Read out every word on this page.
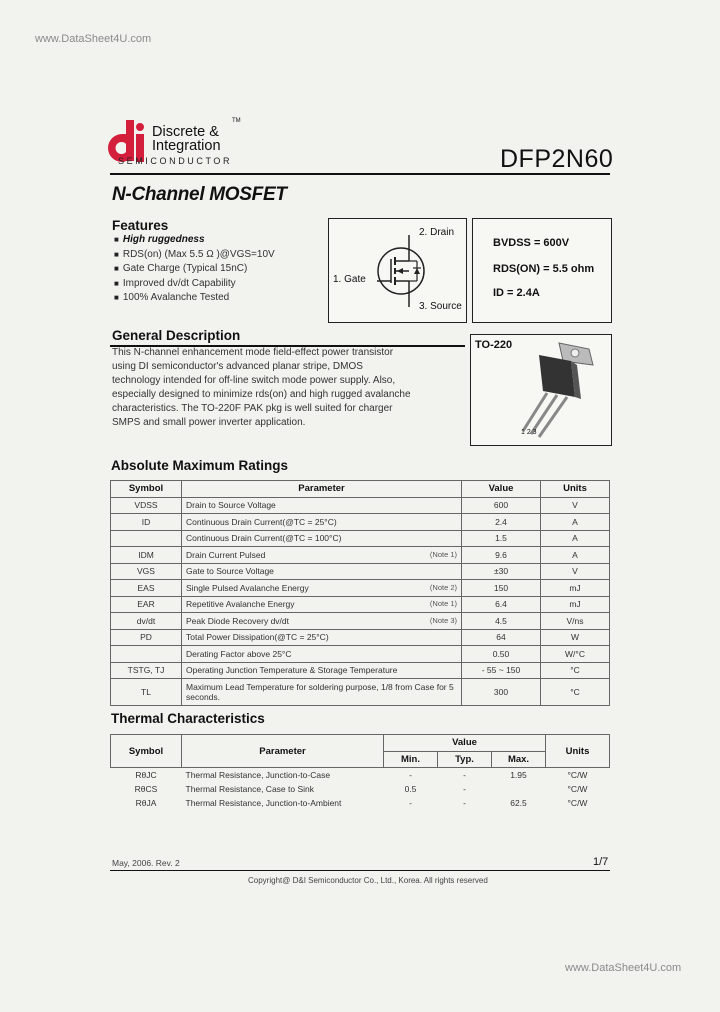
www.DataSheet4U.com
Discrete &
TM
Integration
SEMICONDUCTOR	DFP2N60
N-Channel MOSFET
Features
■ High ruggedness
■ RDS(on) (Max 5.5 Ω )@VGS=10V
■ Gate Charge (Typical 15nC)
■ Improved dv/dt Capability
■ 100% Avalanche Tested
2. Drain
1. Gate
3. Source
BVDSS = 600V
RDS(ON) = 5.5 ohm
ID = 2.4A
General Description
This N-channel enhancement mode field-effect power transistor using DI semiconductor's advanced planar stripe, DMOS technology intended for off-line switch mode power supply. Also, especially designed to minimize rds(on) and high rugged avalanche characteristics. The TO-220F PAK pkg is well suited for charger SMPS and small power inverter application.
TO-220
1 2 3
Absolute Maximum Ratings
Symbol	Parameter	Value	Units
VDSS	Drain to Source Voltage	600	V
ID	Continuous Drain Current(@TC = 25°C)	2.4	A
	Continuous Drain Current(@TC = 100°C)	1.5	A
IDM	Drain Current Pulsed (Note 1)	9.6	A
VGS	Gate to Source Voltage	±30	V
EAS	Single Pulsed Avalanche Energy (Note 2)	150	mJ
EAR	Repetitive Avalanche Energy (Note 1)	6.4	mJ
dv/dt	Peak Diode Recovery dv/dt (Note 3)	4.5	V/ns
PD	Total Power Dissipation(@TC = 25°C)	64	W
	Derating Factor above 25°C	0.50	W/°C
TSTG, TJ	Operating Junction Temperature & Storage Temperature	- 55 ~ 150	°C
TL	Maximum Lead Temperature for soldering purpose, 1/8 from Case for 5 seconds.	300	°C
Thermal Characteristics
Symbol	Parameter	Value			Units
		Min.	Typ.	Max.	
RθJC	Thermal Resistance, Junction-to-Case	-	-	1.95	°C/W
RθCS	Thermal Resistance, Case to Sink	0.5	-		°C/W
RθJA	Thermal Resistance, Junction-to-Ambient	-	-	62.5	°C/W
May, 2006. Rev. 2	1/7
Copyright@ D&I Semiconductor Co., Ltd., Korea. All rights reserved
www.DataSheet4U.com
